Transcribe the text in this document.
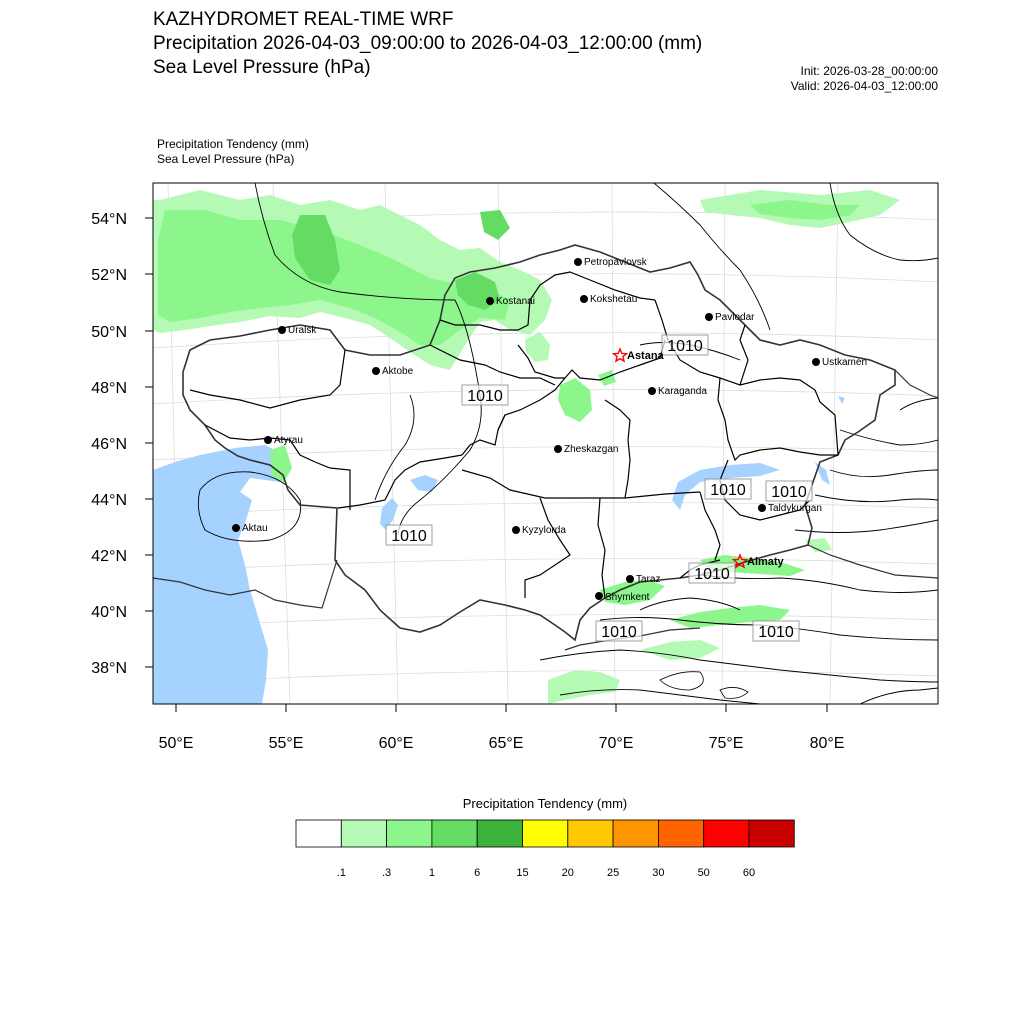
KAZHYDROMET REAL-TIME WRF
Precipitation 2026-04-03_09:00:00 to 2026-04-03_12:00:00 (mm)
Sea Level Pressure (hPa)	Init: 2026-03-28_00:00:00
Valid: 2026-04-03_12:00:00
Precipitation Tendency (mm)
Sea Level Pressure (hPa)
54°N
52°N
50°N
48°N
46°N
44°N
42°N
40°N
38°N
50°E	55°E	60°E	65°E	70°E	75°E	80°E
1010
1010
1010
1010 1010
1010
1010	1010
Petropavlovsk
Kostanai	Kokshetau
Pavlodar
Uralsk
Astana
Ustkamen
Aktobe
Karaganda
Atyrau
Zheskazgan
Aktau	Kyzylorda
Taldykurgan
Almaty
Taraz
Shymkent
Precipitation Tendency (mm)
.1	.3	1	6	15	20	25	30	50	60
